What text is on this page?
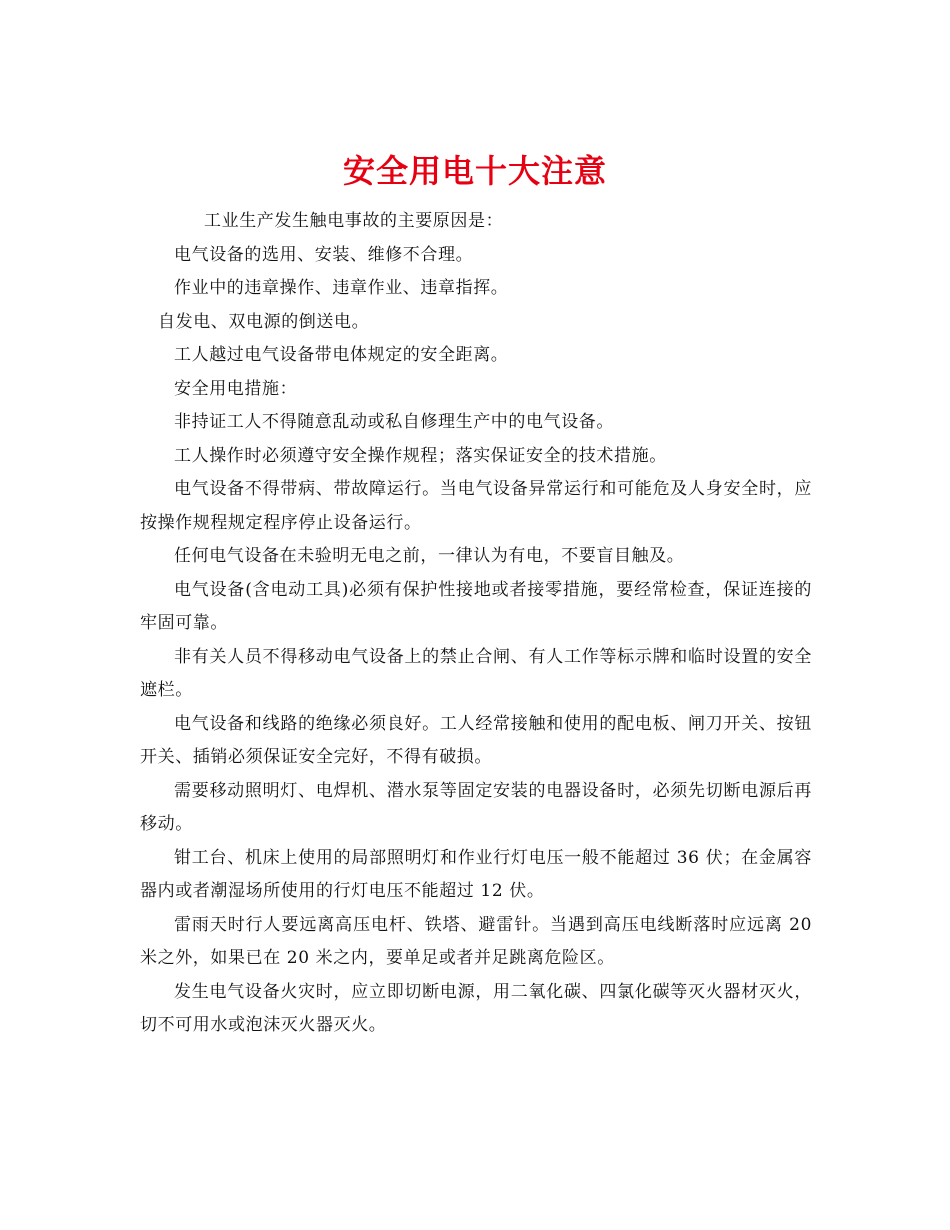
安全用电十大注意

工业生产发生触电事故的主要原因是：

电气设备的选用、安装、维修不合理。

作业中的违章操作、违章作业、违章指挥。

自发电、双电源的倒送电。

工人越过电气设备带电体规定的安全距离。

安全用电措施：

非持证工人不得随意乱动或私自修理生产中的电气设备。

工人操作时必须遵守安全操作规程；落实保证安全的技术措施。

电气设备不得带病、带故障运行。当电气设备异常运行和可能危及人身安全时，应按操作规程规定程序停止设备运行。

任何电气设备在未验明无电之前，一律认为有电，不要盲目触及。

电气设备(含电动工具)必须有保护性接地或者接零措施，要经常检查，保证连接的牢固可靠。

非有关人员不得移动电气设备上的禁止合闸、有人工作等标示牌和临时设置的安全遮栏。

电气设备和线路的绝缘必须良好。工人经常接触和使用的配电板、闸刀开关、按钮开关、插销必须保证安全完好，不得有破损。

需要移动照明灯、电焊机、潜水泵等固定安装的电器设备时，必须先切断电源后再移动。

钳工台、机床上使用的局部照明灯和作业行灯电压一般不能超过 36 伏；在金属容器内或者潮湿场所使用的行灯电压不能超过 12 伏。

雷雨天时行人要远离高压电杆、铁塔、避雷针。当遇到高压电线断落时应远离 20 米之外，如果已在 20 米之内，要单足或者并足跳离危险区。

发生电气设备火灾时，应立即切断电源，用二氧化碳、四氯化碳等灭火器材灭火，切不可用水或泡沫灭火器灭火。
